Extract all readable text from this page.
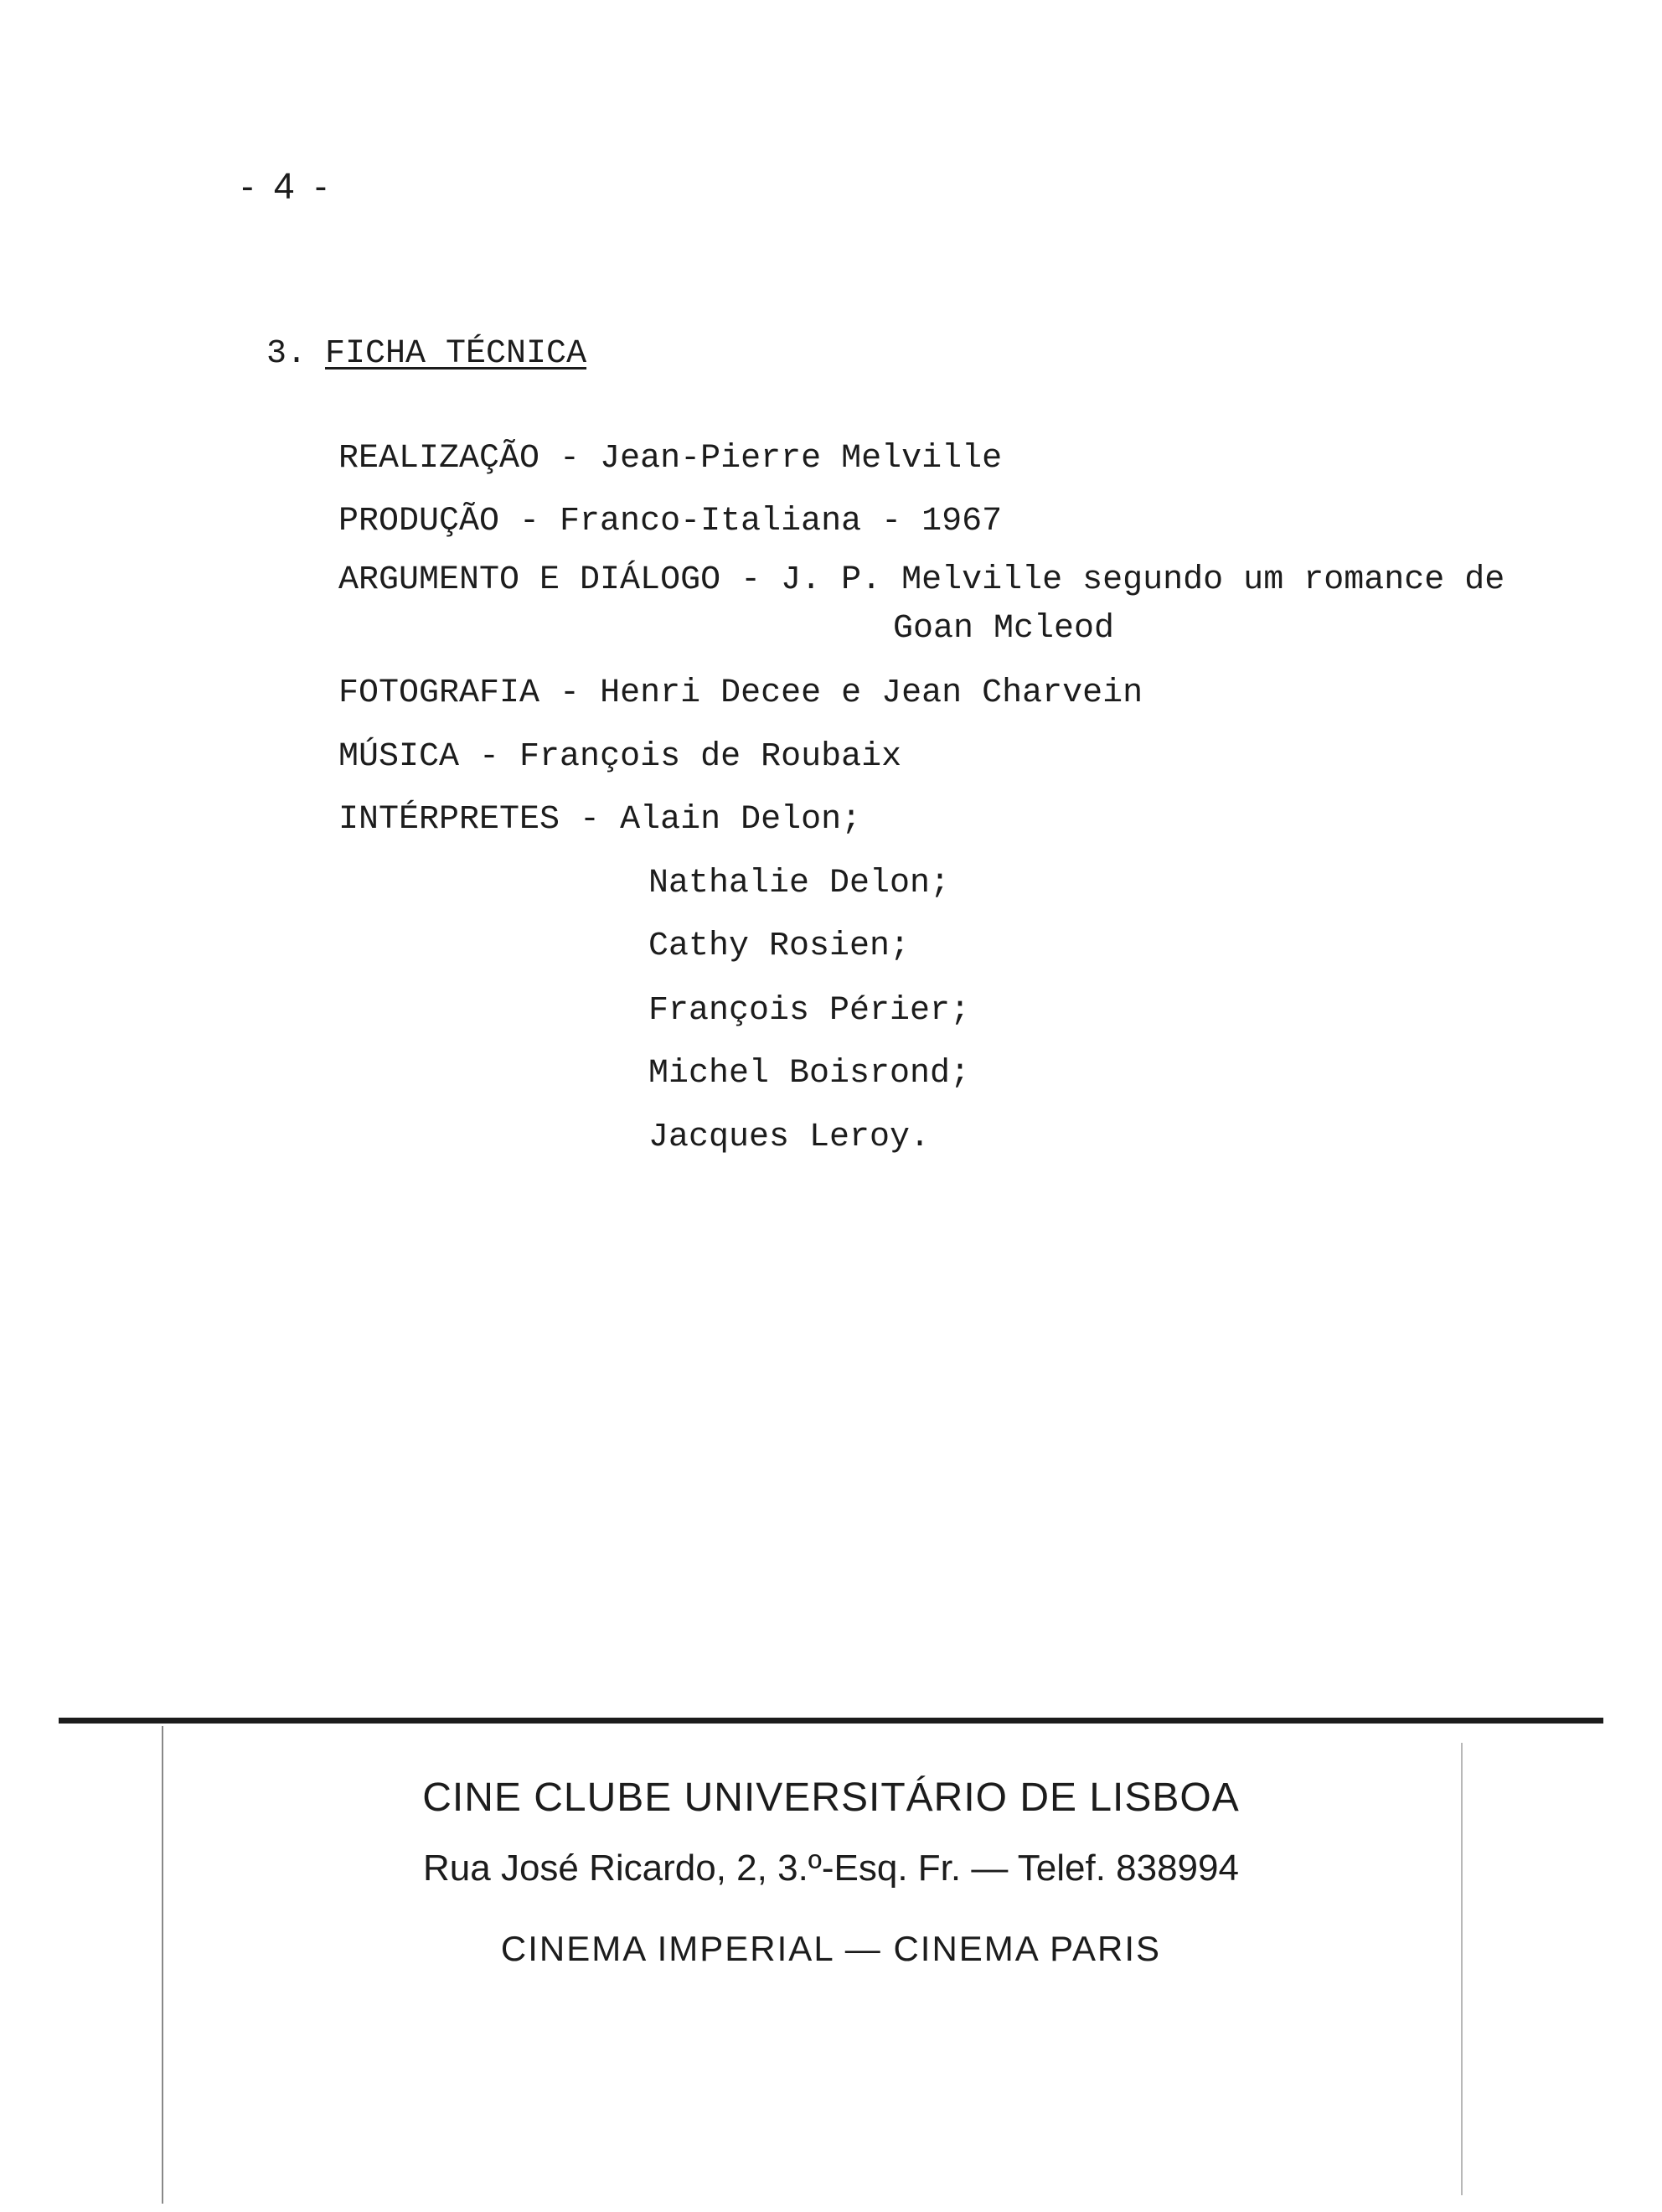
- 4 -
3. FICHA TÉCNICA
REALIZAÇÃO - Jean-Pierre Melville
PRODUÇÃO - Franco-Italiana - 1967
ARGUMENTO E DIÁLOGO - J. P. Melville segundo um romance de
Goan Mcleod
FOTOGRAFIA - Henri Decee e Jean Charvein
MÚSICA - François de Roubaix
INTÉRPRETES - Alain Delon;
Nathalie Delon;
Cathy Rosien;
François Périer;
Michel Boisrond;
Jacques Leroy.
CINE CLUBE UNIVERSITÁRIO DE LISBOA
Rua José Ricardo, 2, 3.º-Esq. Fr. — Telef. 838994
CINEMA IMPERIAL — CINEMA PARIS
